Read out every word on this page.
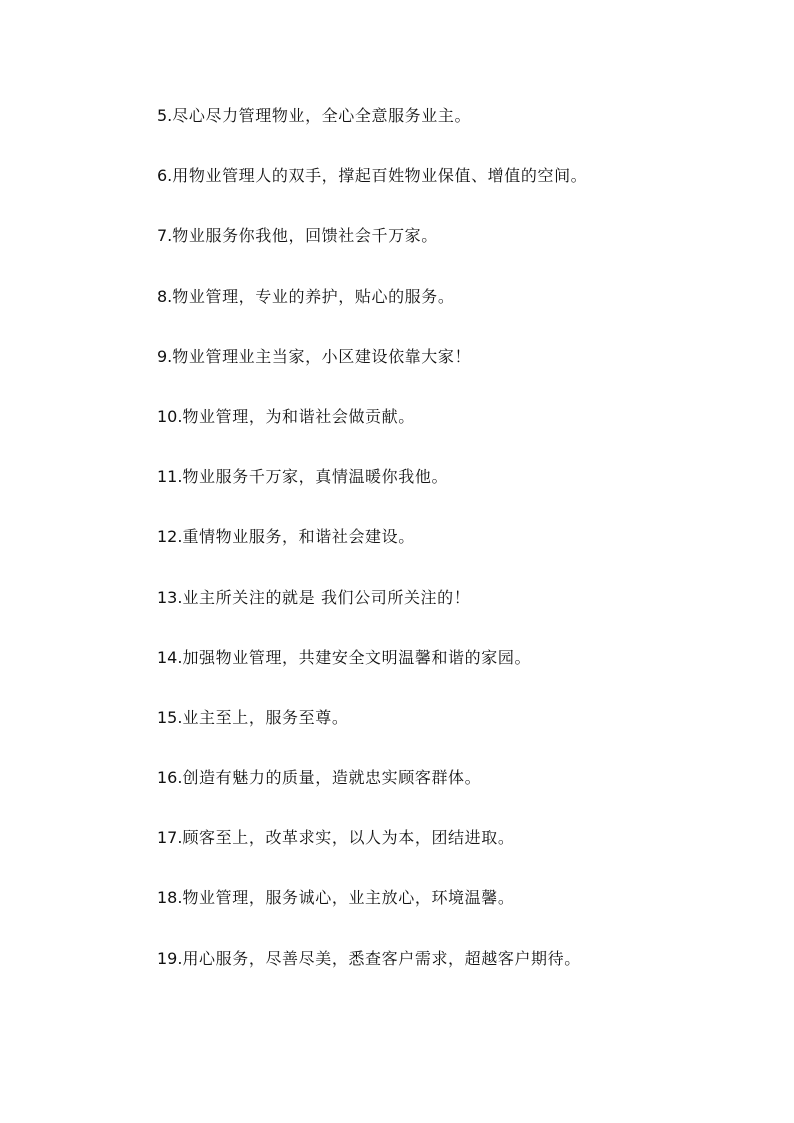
5.尽心尽力管理物业，全心全意服务业主。
6.用物业管理人的双手，撑起百姓物业保值、增值的空间。
7.物业服务你我他，回馈社会千万家。
8.物业管理，专业的养护，贴心的服务。
9.物业管理业主当家，小区建设依靠大家！
10.物业管理，为和谐社会做贡献。
11.物业服务千万家，真情温暖你我他。
12.重情物业服务，和谐社会建设。
13.业主所关注的就是 我们公司所关注的！
14.加强物业管理，共建安全文明温馨和谐的家园。
15.业主至上，服务至尊。
16.创造有魅力的质量，造就忠实顾客群体。
17.顾客至上，改革求实，以人为本，团结进取。
18.物业管理，服务诚心，业主放心，环境温馨。
19.用心服务，尽善尽美，悉查客户需求，超越客户期待。
